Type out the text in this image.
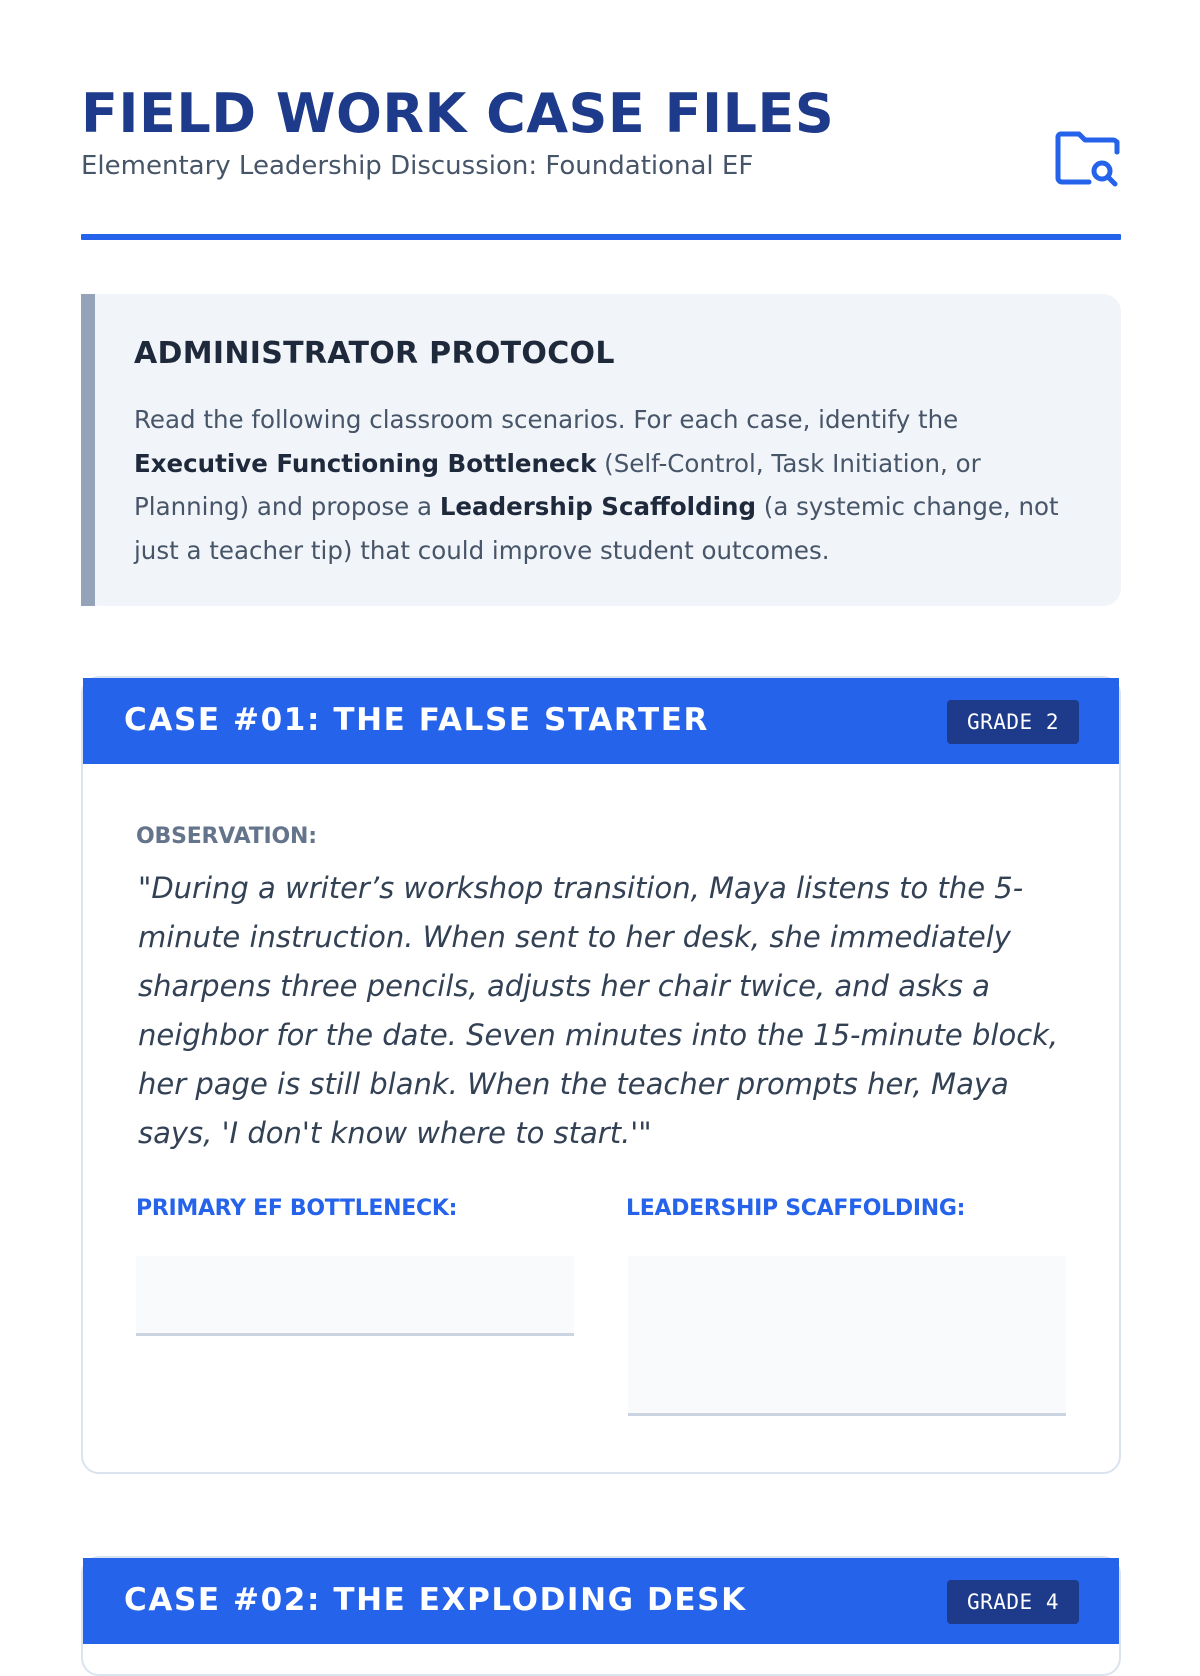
FIELD WORK CASE FILES
Elementary Leadership Discussion: Foundational EF
ADMINISTRATOR PROTOCOL
Read the following classroom scenarios. For each case, identify the Executive Functioning Bottleneck (Self-Control, Task Initiation, or Planning) and propose a Leadership Scaffolding (a systemic change, not just a teacher tip) that could improve student outcomes.
CASE #01: THE FALSE STARTER	GRADE 2
OBSERVATION:
"During a writer’s workshop transition, Maya listens to the 5-minute instruction. When sent to her desk, she immediately sharpens three pencils, adjusts her chair twice, and asks a neighbor for the date. Seven minutes into the 15-minute block, her page is still blank. When the teacher prompts her, Maya says, 'I don't know where to start.'"
PRIMARY EF BOTTLENECK:	LEADERSHIP SCAFFOLDING:
CASE #02: THE EXPLODING DESK	GRADE 4
